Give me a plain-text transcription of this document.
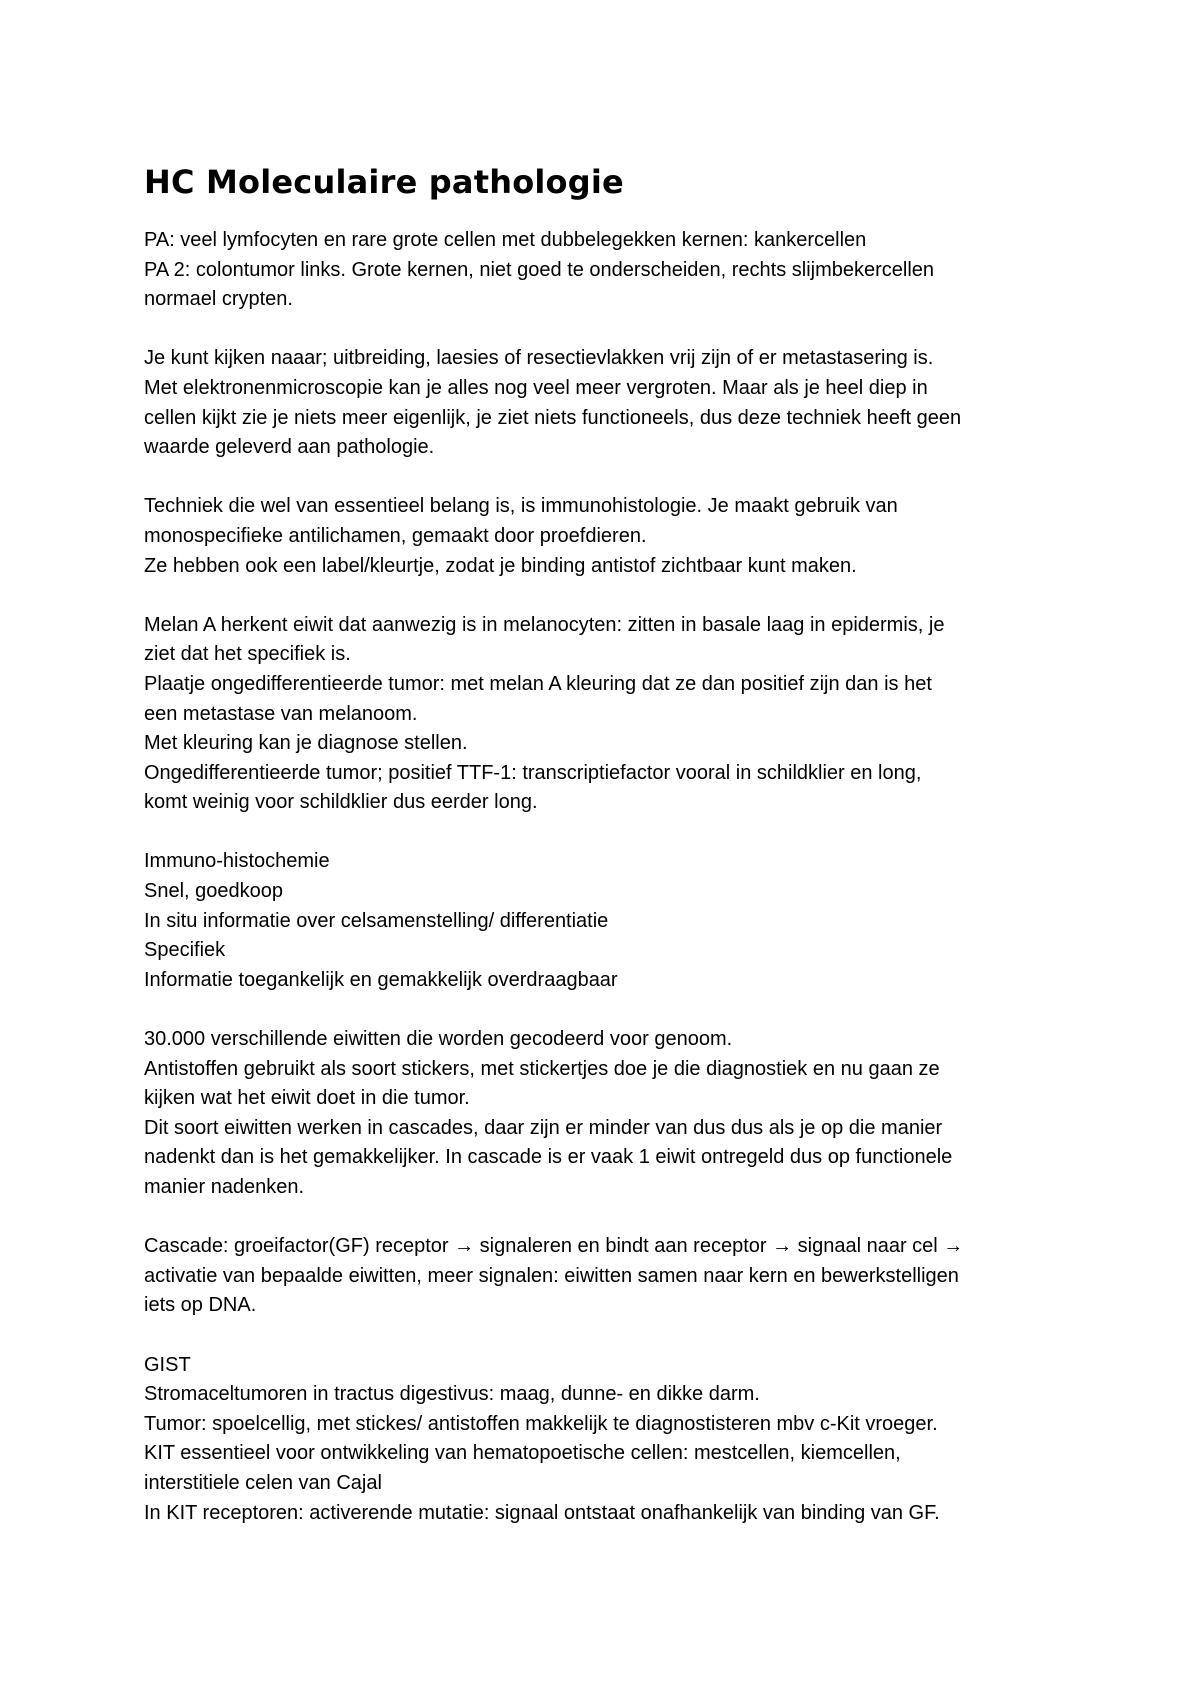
HC Moleculaire pathologie
PA: veel lymfocyten en rare grote cellen met dubbelegekken kernen: kankercellen
PA 2: colontumor links. Grote kernen, niet goed te onderscheiden, rechts slijmbekercellen
normael crypten.
Je kunt kijken naaar; uitbreiding, laesies of resectievlakken vrij zijn of er metastasering is.
Met elektronenmicroscopie kan je alles nog veel meer vergroten. Maar als je heel diep in
cellen kijkt zie je niets meer eigenlijk, je ziet niets functioneels, dus deze techniek heeft geen
waarde geleverd aan pathologie.
Techniek die wel van essentieel belang is, is immunohistologie. Je maakt gebruik van
monospecifieke antilichamen, gemaakt door proefdieren.
Ze hebben ook een label/kleurtje, zodat je binding antistof zichtbaar kunt maken.
Melan A herkent eiwit dat aanwezig is in melanocyten: zitten in basale laag in epidermis, je
ziet dat het specifiek is.
Plaatje ongedifferentieerde tumor: met melan A kleuring dat ze dan positief zijn dan is het
een metastase van melanoom.
Met kleuring kan je diagnose stellen.
Ongedifferentieerde tumor; positief TTF-1: transcriptiefactor vooral in schildklier en long,
komt weinig voor schildklier dus eerder long.
Immuno-histochemie
Snel, goedkoop
In situ informatie over celsamenstelling/ differentiatie
Specifiek
Informatie toegankelijk en gemakkelijk overdraagbaar
30.000 verschillende eiwitten die worden gecodeerd voor genoom.
Antistoffen gebruikt als soort stickers, met stickertjes doe je die diagnostiek en nu gaan ze
kijken wat het eiwit doet in die tumor.
Dit soort eiwitten werken in cascades, daar zijn er minder van dus dus als je op die manier
nadenkt dan is het gemakkelijker. In cascade is er vaak 1 eiwit ontregeld dus op functionele
manier nadenken.
Cascade: groeifactor(GF) receptor → signaleren en bindt aan receptor → signaal naar cel →
activatie van bepaalde eiwitten, meer signalen: eiwitten samen naar kern en bewerkstelligen
iets op DNA.
GIST
Stromaceltumoren in tractus digestivus: maag, dunne- en dikke darm.
Tumor: spoelcellig, met stickes/ antistoffen makkelijk te diagnostisteren mbv c-Kit vroeger.
KIT essentieel voor ontwikkeling van hematopoetische cellen: mestcellen, kiemcellen,
interstitiele celen van Cajal
In KIT receptoren: activerende mutatie: signaal ontstaat onafhankelijk van binding van GF.
